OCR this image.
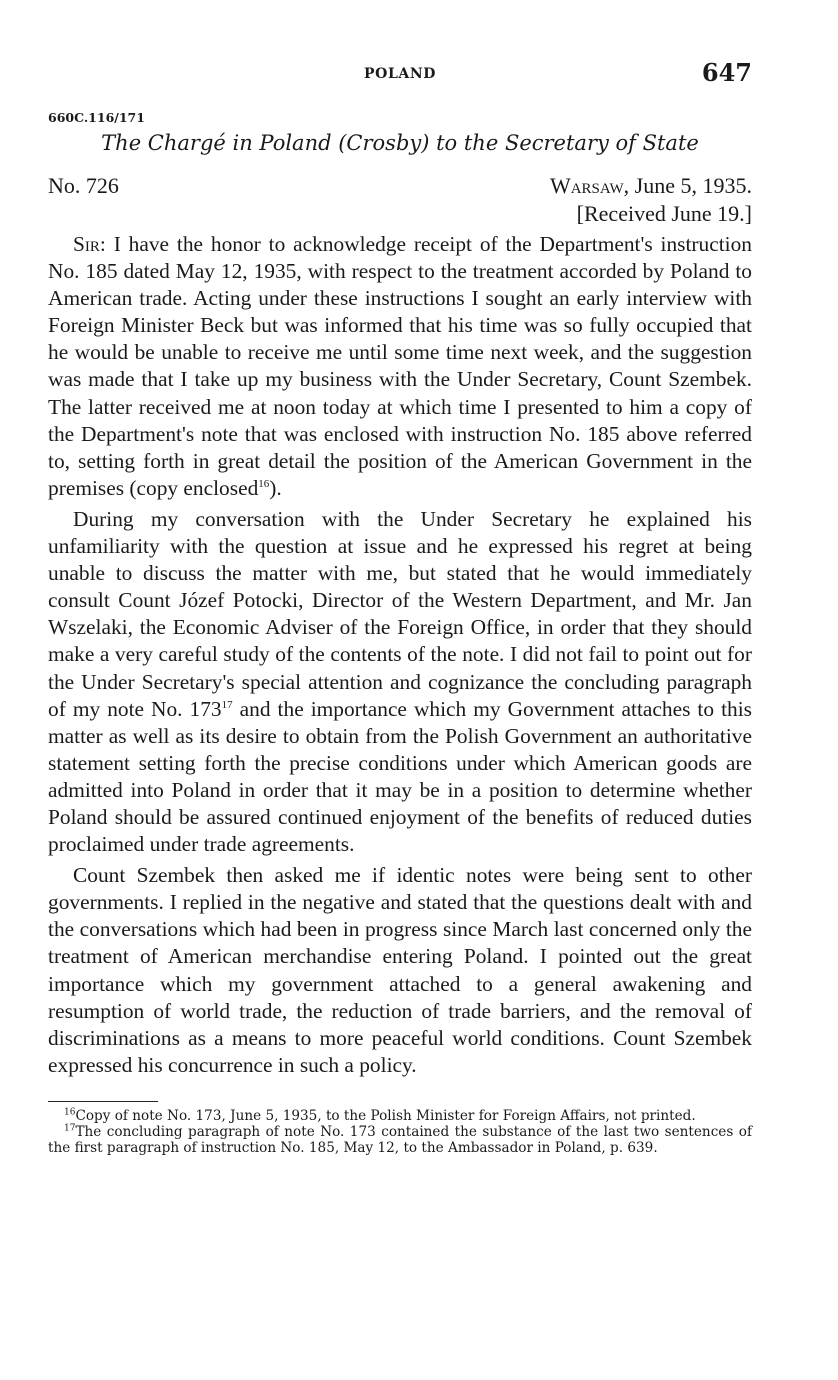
POLAND	647
660C.116/171
The Chargé in Poland (Crosby) to the Secretary of State
No. 726	Warsaw, June 5, 1935.
[Received June 19.]

Sir: I have the honor to acknowledge receipt of the Department's instruction No. 185 dated May 12, 1935, with respect to the treatment accorded by Poland to American trade. Acting under these instructions I sought an early interview with Foreign Minister Beck but was informed that his time was so fully occupied that he would be unable to receive me until some time next week, and the suggestion was made that I take up my business with the Under Secretary, Count Szembek. The latter received me at noon today at which time I presented to him a copy of the Department's note that was enclosed with instruction No. 185 above referred to, setting forth in great detail the position of the American Government in the premises (copy enclosed$^{16}$).

During my conversation with the Under Secretary he explained his unfamiliarity with the question at issue and he expressed his regret at being unable to discuss the matter with me, but stated that he would immediately consult Count Józef Potocki, Director of the Western Department, and Mr. Jan Wszelaki, the Economic Adviser of the Foreign Office, in order that they should make a very careful study of the contents of the note. I did not fail to point out for the Under Secretary's special attention and cognizance the concluding paragraph of my note No. 173$^{17}$ and the importance which my Government attaches to this matter as well as its desire to obtain from the Polish Government an authoritative statement setting forth the precise conditions under which American goods are admitted into Poland in order that it may be in a position to determine whether Poland should be assured continued enjoyment of the benefits of reduced duties proclaimed under trade agreements.

Count Szembek then asked me if identic notes were being sent to other governments. I replied in the negative and stated that the questions dealt with and the conversations which had been in progress since March last concerned only the treatment of American merchandise entering Poland. I pointed out the great importance which my government attached to a general awakening and resumption of world trade, the reduction of trade barriers, and the removal of discriminations as a means to more peaceful world conditions. Count Szembek expressed his concurrence in such a policy.

$^{16}$Copy of note No. 173, June 5, 1935, to the Polish Minister for Foreign Affairs, not printed.

$^{17}$The concluding paragraph of note No. 173 contained the substance of the last two sentences of the first paragraph of instruction No. 185, May 12, to the Ambassador in Poland, p. 639.
